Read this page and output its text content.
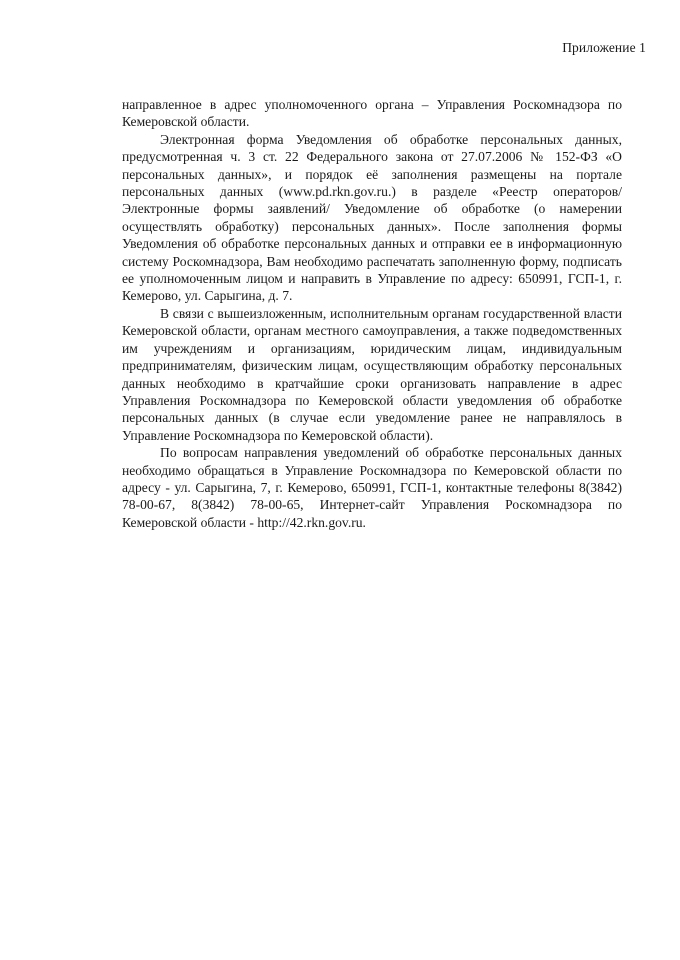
Приложение 1

направленное в адрес уполномоченного органа – Управления Роскомнадзора по Кемеровской области.

Электронная форма Уведомления об обработке персональных данных, предусмотренная ч. 3 ст. 22 Федерального закона от 27.07.2006 № 152-ФЗ «О персональных данных», и порядок её заполнения размещены на портале персональных данных (www.pd.rkn.gov.ru.) в разделе «Реестр операторов/ Электронные формы заявлений/ Уведомление об обработке (о намерении осуществлять обработку) персональных данных». После заполнения формы Уведомления об обработке персональных данных и отправки ее в информационную систему Роскомнадзора, Вам необходимо распечатать заполненную форму, подписать ее уполномоченным лицом и направить в Управление по адресу: 650991, ГСП-1, г. Кемерово, ул. Сарыгина, д. 7.

В связи с вышеизложенным, исполнительным органам государственной власти Кемеровской области, органам местного самоуправления, а также подведомственных им учреждениям и организациям, юридическим лицам, индивидуальным предпринимателям, физическим лицам, осуществляющим обработку персональных данных необходимо в кратчайшие сроки организовать направление в адрес Управления Роскомнадзора по Кемеровской области уведомления об обработке персональных данных (в случае если уведомление ранее не направлялось в Управление Роскомнадзора по Кемеровской области).

По вопросам направления уведомлений об обработке персональных данных необходимо обращаться в Управление Роскомнадзора по Кемеровской области по адресу - ул. Сарыгина, 7, г. Кемерово, 650991, ГСП-1, контактные телефоны 8(3842) 78-00-67, 8(3842) 78-00-65, Интернет-сайт Управления Роскомнадзора по Кемеровской области - http://42.rkn.gov.ru.
